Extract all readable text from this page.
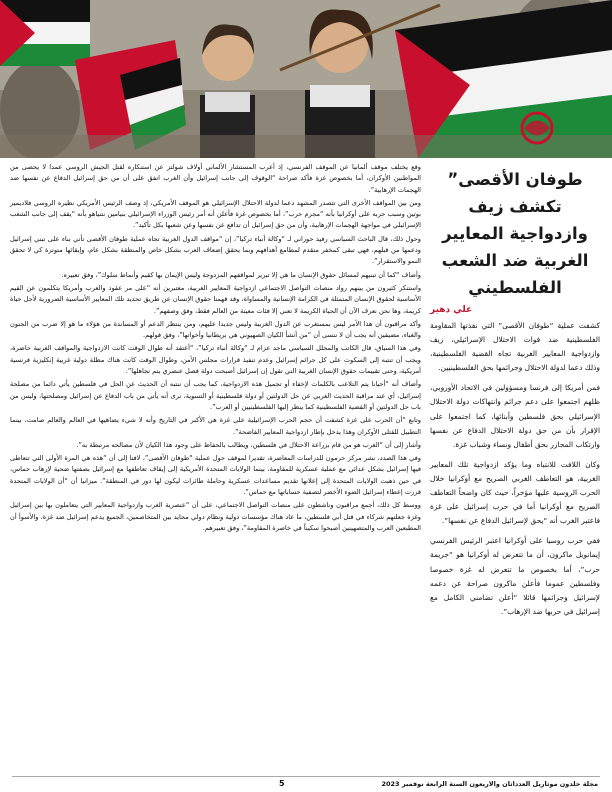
طوفان الأقصى” تكشف زيف وازدواجية المعايير الغربية ضد الشعب الفلسطيني
علي دهير

كشفت عملية “طوفان الأقصى” التي نفذتها المقاومة الفلسطينية ضد قوات الاحتلال الإسرائيلي، زيف وازدواجية المعايير الغربية تجاه القضية الفلسطينية، وذلك دعما لدولة الاحتلال وجرائمها بحق الفلسطينيين.

فمن أمريكا إلى فرنسا ومسؤولين في الاتحاد الأوروبي، ظلهم اجتمعوا على دعم جرائم وانتهاكات دولة الاحتلال الإسرائيلي بحق فلسطين وأبنائها، كما اجتمعوا على الإقرار بأن من حق دولة الاحتلال الدفاع عن نفسها وارتكاب المجازر بحق أطفال ونساء وشباب غزة.

وكان اللافت للانتباه وما يؤكد ازدواجية تلك المعايير الغربية، هو التعاطف الغربي الصريح مع أوكرانيا خلال الحرب الروسية عليها مؤخراً، حيث كان واضحاً التعاطف الصريح مع أوكرانيا أما في حرب إسرائيل على غزة فاعتبر الغرب أنه “يحق لإسرائيل الدفاع عن نفسها”.

ففي حرب روسيا على أوكرانيا اعتبر الرئيس الفرنسي إيمانويل ماكرون، أن ما تتعرض له أوكرانيا هو “جريمة حرب”، أما بخصوص ما تتعرض له غزة خصوصا وفلسطين عموما فأعلن ماكرون صراحة عن دعمه لإسرائيل وجرائمها قائلا “أعلن تضامني الكامل مع إسرائيل في حربها ضد الإرهاب”.

وقع يختلف موقف ألمانيا عن الموقف الفرنسي، إذ أعرب المستشار الألماني أولاف شولتز عن استنكاره لقتل الجيش الروسي عمدا لا يحصى من المواطنين الأوكران، أما بخصوص غزة فأكد صراحة “الوقوف إلى جانب إسرائيل وأن الغرب اتفق على أن من حق إسرائيل الدفاع عن نفسها ضد الهجمات الإرهابية”.

ومن بين المواقف الأخرى التي تتصدر المشهد دعما لدولة الاحتلال الإسرائيلي هو الموقف الأمريكي، إذ وصف الرئيس الأمريكي نظيره الروسي فلاديمير بوتين وسبب حربه على أوكرانيا بأنه “مجرم حرب”، أما بخصوص غزة فأعلن أنه أمر رئيس الوزراء الإسرائيلي بنيامين نتنياهو بأنه “يقف إلى جانب الشعب الإسرائيلي في مواجهة الهجمات الإرهابية، وأن من حق إسرائيل أن تدافع عن نفسها وعن شعبها بكل تأكيد”.

وحول ذلك، قال الباحث السياسي رفيد حوراني لـ “وكالة أنباء تركيا”، إن “مواقف الدول الغربية تجاه عملية طوفان الأقصى تأتي بناء على تبني إسرائيل ودعمها من قبلهم، فهي تبقى كمخفر متقدم لمطامع أهدافهم وبما يحقق إضعاف العرب بشكل خاص والمنطقة بشكل عام، وإبقائها متوترة كي لا تحقق النمو والاستقرار”.

وأضاف “كما أن تبنيهم لمسائل حقوق الإنسان ما هي إلا تبرير لمواقفهم المزدوجة وليس الإيمان بها كقيم وأنماط سلوك”، وفق تعبيره.

واستنكر كثيرون من بينهم رواد منصات التواصل الاجتماعي ازدواجية المعايير الغربية، معتبرين أنه “على مر عقود والغرب وأمريكا يتكلمون عن القيم الأساسية لحقوق الإنسان المتمثلة في الكرامة الإنسانية والمساواة، وقد قهمنا حقوق الإنسان عن طريق تحديد تلك المعايير الأساسية الضرورية لأجل حياة كريمة، وها نحن نعرف الآن أن الحياة الكريمة لا تعني إلا فئات معينة من العالم فقط، وفق وصفهم”.

وأكد مراقبون أن هذا الأمر ليس بمستغرب عن الدول الغربية وليس جديدا عليهم، ومن ينتظر الدعم أو المساندة من هؤلاء ما هو إلا ضرب من الجنون والغباء، مضيفين أنه يجب أن لا ننسى أن “من أنشأ الكيان الصهيوني هي بريطانيا وأخواتها”، وفق قولهم.

وفي هذا السياق، قال الكاتب والمحلل السياسي ماجد عزام لـ “وكالة أنباء تركيا”، “أعتقد أنه طوال الوقت كانت الازدواجية والمواقف الغربية حاضرة، ويجب أن تنتبه إلى السكوت على كل جرائم إسرائيل وعدم تنفيذ قرارات مجلس الأمن، وطوال الوقت كانت هناك مظلة دولية غربية إنكليزية فرنسية أمريكية، وحتى تقييمات حقوق الإنسان الغربية التي تقول إن إسرائيل أصبحت دولة فصل عنصري يتم تجاهلها”.

وأضاف أنه “أحيانا يتم التلاعب بالكلمات لإخفاء أو تجميل هذه الازدواجية، كما يجب أن ننتبه أن الحديث عن الحل في فلسطين يأتي دائما من مصلحة إسرائيل، أي عند مراقبة الحديث الغربي عن حل الدولتين أو دولة فلسطينية أو التسوية، نرى أنه يأتي من باب الدفاع عن إسرائيل ومصلحتها، وليس من باب حل الدولتين أو القضية الفلسطينية كما ينظر إليها الفلسطينيين أو العرب”.

وتابع “أن الحرب على غزة كشفت أن حجم الحرب الإسرائيلية على غزة هي الأكبر في التاريخ وأنه لا شيء يضاهيها في العالم والعالم صامت، بينما التطبيل للقتلى الأوكران وهذا يدخل بإطار ازدواجية المعايير الفاضحة”.

وأشار إلى أن “الغرب هو من قام بزراعة الاحتلال في فلسطين، ويطالب بالحفاظ على وجود هذا الكيان لأن مصالحه مرتبطة به”.

وفي هذا الصدد، نشر مركز حرمون للدراسات المعاصرة، تقديرا لموقف حول عملية “طوفان الأقصى”، لافتا إلى أن “هذه هي المرة الأولى التي تتعاطى فيها إسرائيل بشكل عدائي مع عملية عسكرية للمقاومة، بينما الولايات المتحدة الأمريكية إلى إيقاف تعاطفها مع إسرائيل بصفتها ضحية لإرهاب حماس، في حين ذهبت الولايات المتحدة إلى إعلانها تقديم مساعدات عسكرية وحاملة طائرات ليكون لها دور في المنطقة”. ميزانيا أن “أن الولايات المتحدة قررت إعطاء إسرائيل الضوء الأخضر لتصفية حساباتها مع حماس”.

ووسط كل ذلك، أجمع مراقبون وناشطون على منصات التواصل الاجتماعي، على أن “عنصرية الغرب وازدواجية المعايير التي يتعاملون بها بين إسرائيل وغزة جعلتهم شركاء في قتل أبي فلسطين، ما عاد هناك مؤسسات دولية ونظام دولي محايد بين المتخاصمين، الجميع يدعم إسرائيل ضد غزة، والأسوأ أن المطبعين العرب والمتصهينين أصبحوا سكيناً في خاصرة المقاومة”، وفق تعبيرهم.

مجلة خلدون موثاريل العدداثان والاربعون السنة الرابعة نوفمبر 2023
5
